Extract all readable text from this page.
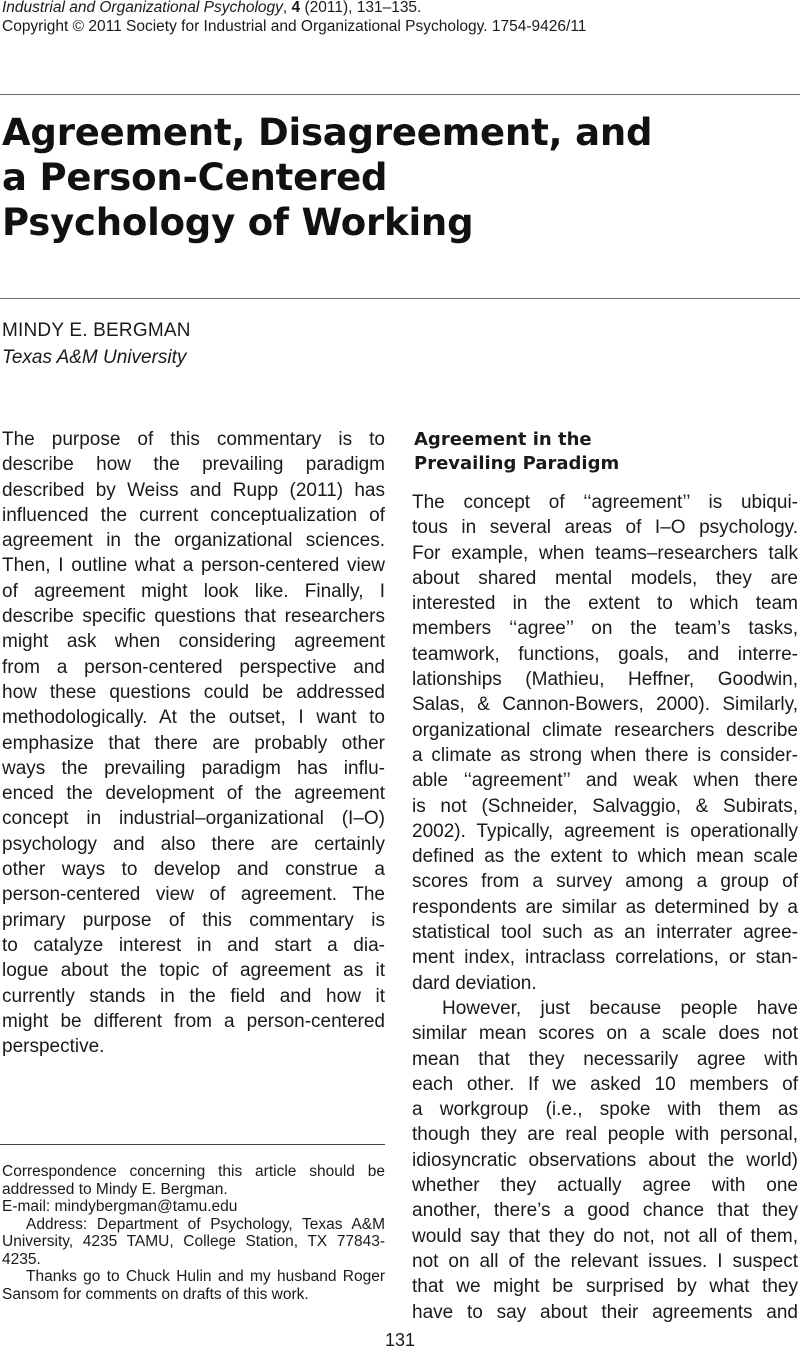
Industrial and Organizational Psychology, 4 (2011), 131–135.
Copyright © 2011 Society for Industrial and Organizational Psychology. 1754-9426/11
Agreement, Disagreement, and
a Person-Centered
Psychology of Working
MINDY E. BERGMAN
Texas A&M University
The purpose of this commentary is to
describe how the prevailing paradigm
described by Weiss and Rupp (2011) has
influenced the current conceptualization of
agreement in the organizational sciences.
Then, I outline what a person-centered view
of agreement might look like. Finally, I
describe specific questions that researchers
might ask when considering agreement
from a person-centered perspective and
how these questions could be addressed
methodologically. At the outset, I want to
emphasize that there are probably other
ways the prevailing paradigm has influ-
enced the development of the agreement
concept in industrial–organizational (I–O)
psychology and also there are certainly
other ways to develop and construe a
person-centered view of agreement. The
primary purpose of this commentary is
to catalyze interest in and start a dia-
logue about the topic of agreement as it
currently stands in the field and how it
might be different from a person-centered
perspective.
Agreement in the
Prevailing Paradigm
The concept of ‘‘agreement’’ is ubiqui-
tous in several areas of I–O psychology.
For example, when teams–researchers talk
about shared mental models, they are
interested in the extent to which team
members ‘‘agree’’ on the team’s tasks,
teamwork, functions, goals, and interre-
lationships (Mathieu, Heffner, Goodwin,
Salas, & Cannon-Bowers, 2000). Similarly,
organizational climate researchers describe
a climate as strong when there is consider-
able ‘‘agreement’’ and weak when there
is not (Schneider, Salvaggio, & Subirats,
2002). Typically, agreement is operationally
defined as the extent to which mean scale
scores from a survey among a group of
respondents are similar as determined by a
statistical tool such as an interrater agree-
ment index, intraclass correlations, or stan-
dard deviation.
However, just because people have
similar mean scores on a scale does not
mean that they necessarily agree with
each other. If we asked 10 members of
a workgroup (i.e., spoke with them as
though they are real people with personal,
idiosyncratic observations about the world)
whether they actually agree with one
another, there’s a good chance that they
would say that they do not, not all of them,
not on all of the relevant issues. I suspect
that we might be surprised by what they
have to say about their agreements and
Correspondence concerning this article should be
addressed to Mindy E. Bergman.
E-mail: mindybergman@tamu.edu
Address: Department of Psychology, Texas A&M
University, 4235 TAMU, College Station, TX 77843-
4235.
Thanks go to Chuck Hulin and my husband Roger
Sansom for comments on drafts of this work.
131
